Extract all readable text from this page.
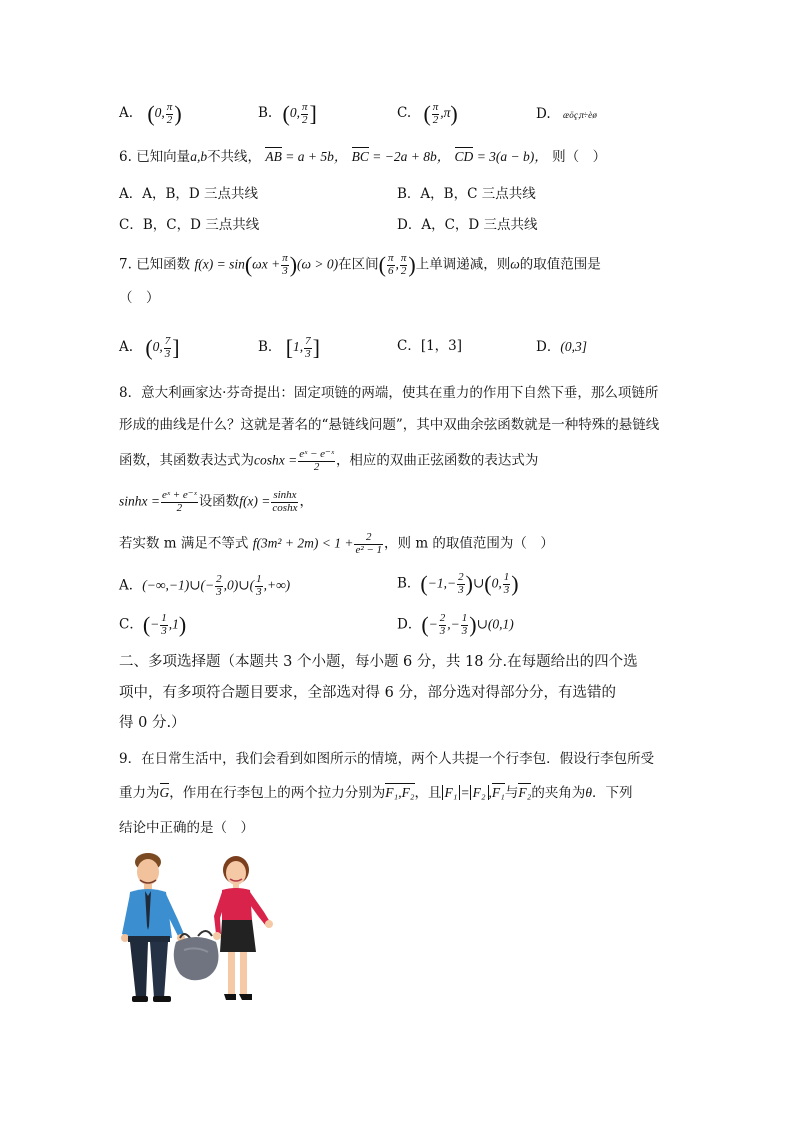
A. (0, $\frac{\pi}{2}$ )	B. (0, $\frac{\pi}{2}$ ]	C. ( $\frac{\pi}{2} ,\pi$)	D. æ ö ç ,π÷ è ø
6. 已知向量a,b不共线， AB = a + 5b， BC = −2a + 8b， CD = 3(a − b)， 则（　）
A．A，B，D 三点共线	B．A，B，C 三点共线
C．B，C，D 三点共线	D．A，C，D 三点共线
7. 已知函数 $f(x) = \sin(\omega x + \frac{\pi}{3} )(\omega > 0)$在区间( $\frac{\pi}{6}$ , $\frac{\pi}{2}$ )上单调递减，则ω的取值范围是
（　）
A. (0, $\frac{7}{3}$ ]	B． [1, $\frac{7}{3}$ ]	C．[1，3]	D．(0,3]
8．意大利画家达·芬奇提出：固定项链的两端，使其在重力的作用下自然下垂，那么项链所
形成的曲线是什么？这就是著名的“悬链线问题”，其中双曲余弦函数就是一种特殊的悬链线
函数，其函数表达式为$\cosh x = \frac{\text{eˣ − e⁻ˣ}}{2}$ ，相应的双曲正弦函数的表达式为
$\sinh x = \frac{\text{eˣ + e⁻ˣ}}{2}$ 设函数$f(x) = \frac{\sinh x}{\cosh x}$ ，
若实数 m 满足不等式 $f(3m^2 + 2m) < 1 + \frac{2}{\text{e² − 1}}$ ，则 m 的取值范围为（　）
A．(−∞,−1)∪(− $\frac{2}{3}$ ,0)∪( $\frac{1}{3}$ ,+∞)	B．($-1,- \frac{2}{3}$ )∪(0, $\frac{1}{3}$ )
C．(− $\frac{1}{3} ,1$)	D．(− $\frac{2}{3}$ ,− $\frac{1}{3}$ )∪(0,1)
二、多项选择题（本题共 3 个小题，每小题 6 分，共 18 分.在每题给出的四个选
项中，有多项符合题目要求，全部选对得 6 分，部分选对得部分分，有选错的
得 0 分.）
9．在日常生活中，我们会看到如图所示的情境，两个人共提一个行李包．假设行李包所受
重力为G，作用在行李包上的两个拉力分别为F₁,F₂，且 F₁ = F₂ ,F₁与F₂的夹角为θ．下列
结论中正确的是（　）
